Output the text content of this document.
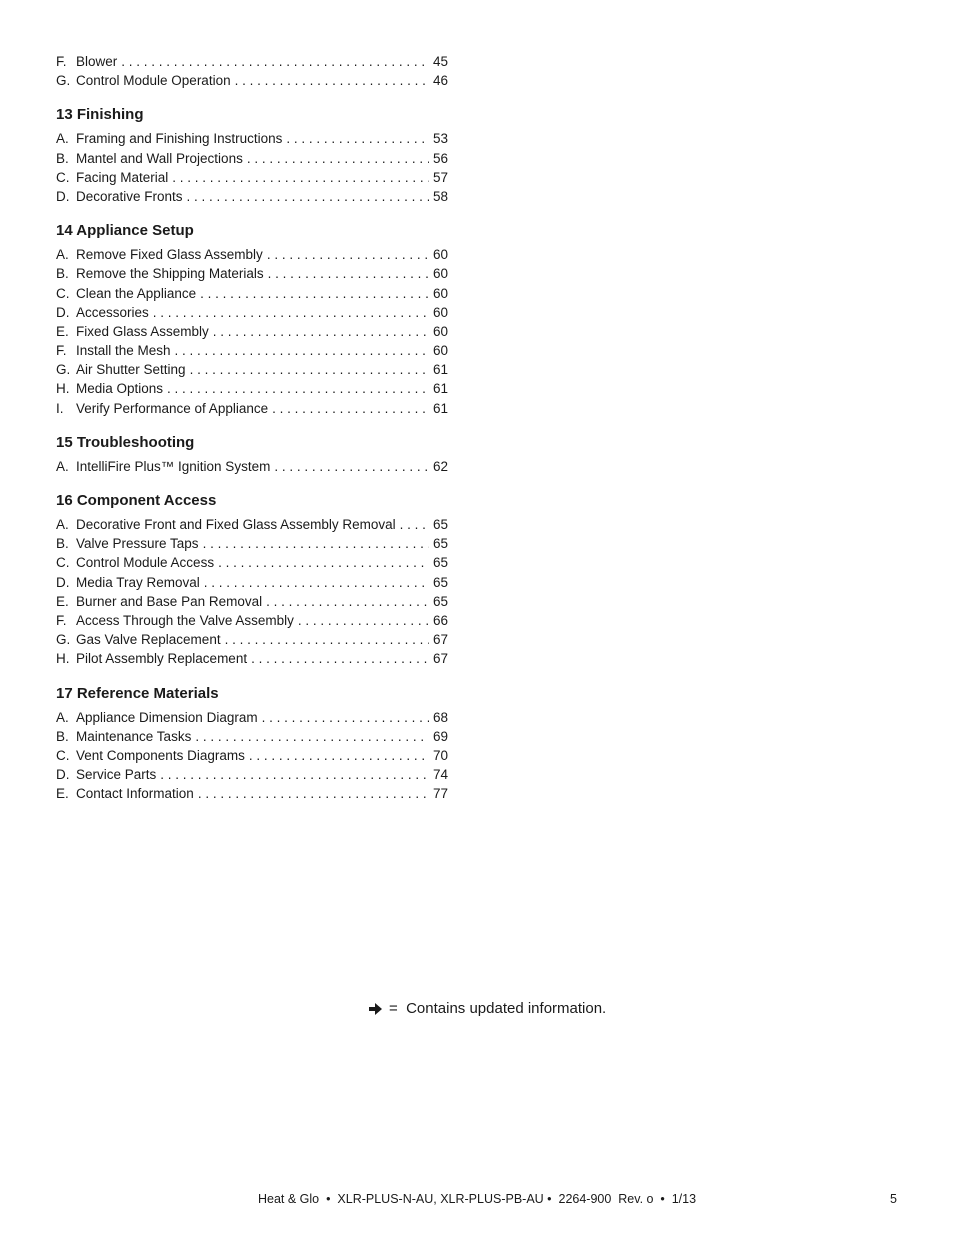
F. Blower . . .	45
G. Control Module Operation . . .	46
13 Finishing
A. Framing and Finishing Instructions . . .	53
B. Mantel and Wall Projections . . .	56
C. Facing Material . . .	57
D. Decorative Fronts . . .	58
14 Appliance Setup
A. Remove Fixed Glass Assembly . . .	60
B. Remove the Shipping Materials . . .	60
C. Clean the Appliance . . .	60
D. Accessories . . .	60
E. Fixed Glass Assembly . . .	60
F. Install the Mesh . . .	60
G. Air Shutter Setting . . .	61
H. Media Options . . .	61
I. Verify Performance of Appliance . . .	61
15 Troubleshooting
A. IntelliFire Plus™ Ignition System . . .	62
16 Component Access
A. Decorative Front and Fixed Glass Assembly Removal . . .	65
B. Valve Pressure Taps . . .	65
C. Control Module Access . . .	65
D. Media Tray Removal . . .	65
E. Burner and Base Pan Removal . . .	65
F. Access Through the Valve Assembly . . .	66
G. Gas Valve Replacement . . .	67
H. Pilot Assembly Replacement . . .	67
17 Reference Materials
A. Appliance Dimension Diagram . . .	68
B. Maintenance Tasks . . .	69
C. Vent Components Diagrams . . .	70
D. Service Parts . . .	74
E. Contact Information . . .	77
=  Contains updated information.
Heat & Glo  •  XLR-PLUS-N-AU, XLR-PLUS-PB-AU •  2264-900  Rev. o  •  1/13	5
